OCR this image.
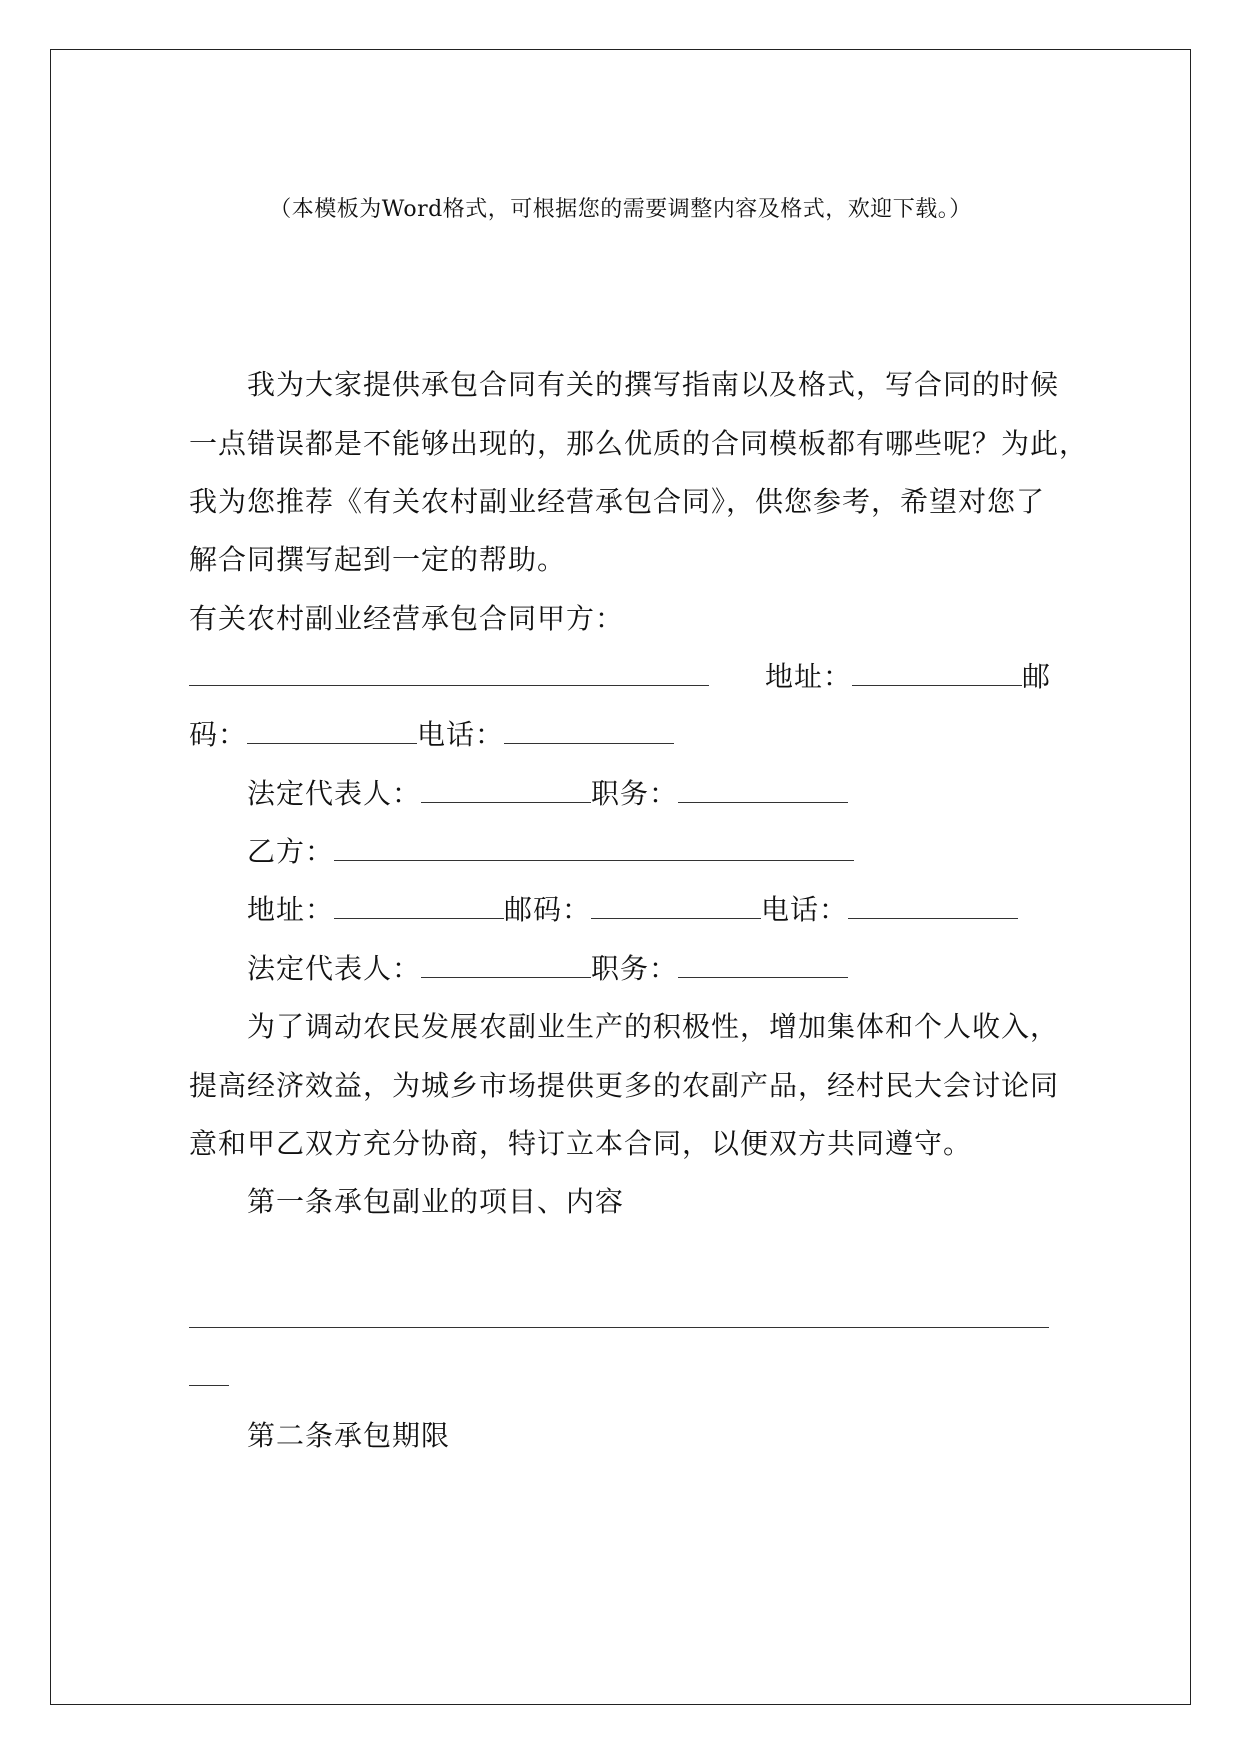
（本模板为Word格式，可根据您的需要调整内容及格式，欢迎下载。）
我为大家提供承包合同有关的撰写指南以及格式，写合同的时候
一点错误都是不能够出现的，那么优质的合同模板都有哪些呢？为此，
我为您推荐《有关农村副业经营承包合同》，供您参考，希望对您了
解合同撰写起到一定的帮助。
有关农村副业经营承包合同甲方：
地址：	邮
码：	电话：
法定代表人：	职务：
乙方：
地址：	邮码：	电话：
法定代表人：	职务：
为了调动农民发展农副业生产的积极性，增加集体和个人收入，
提高经济效益，为城乡市场提供更多的农副产品，经村民大会讨论同
意和甲乙双方充分协商，特订立本合同，以便双方共同遵守。
第一条承包副业的项目、内容
第二条承包期限
